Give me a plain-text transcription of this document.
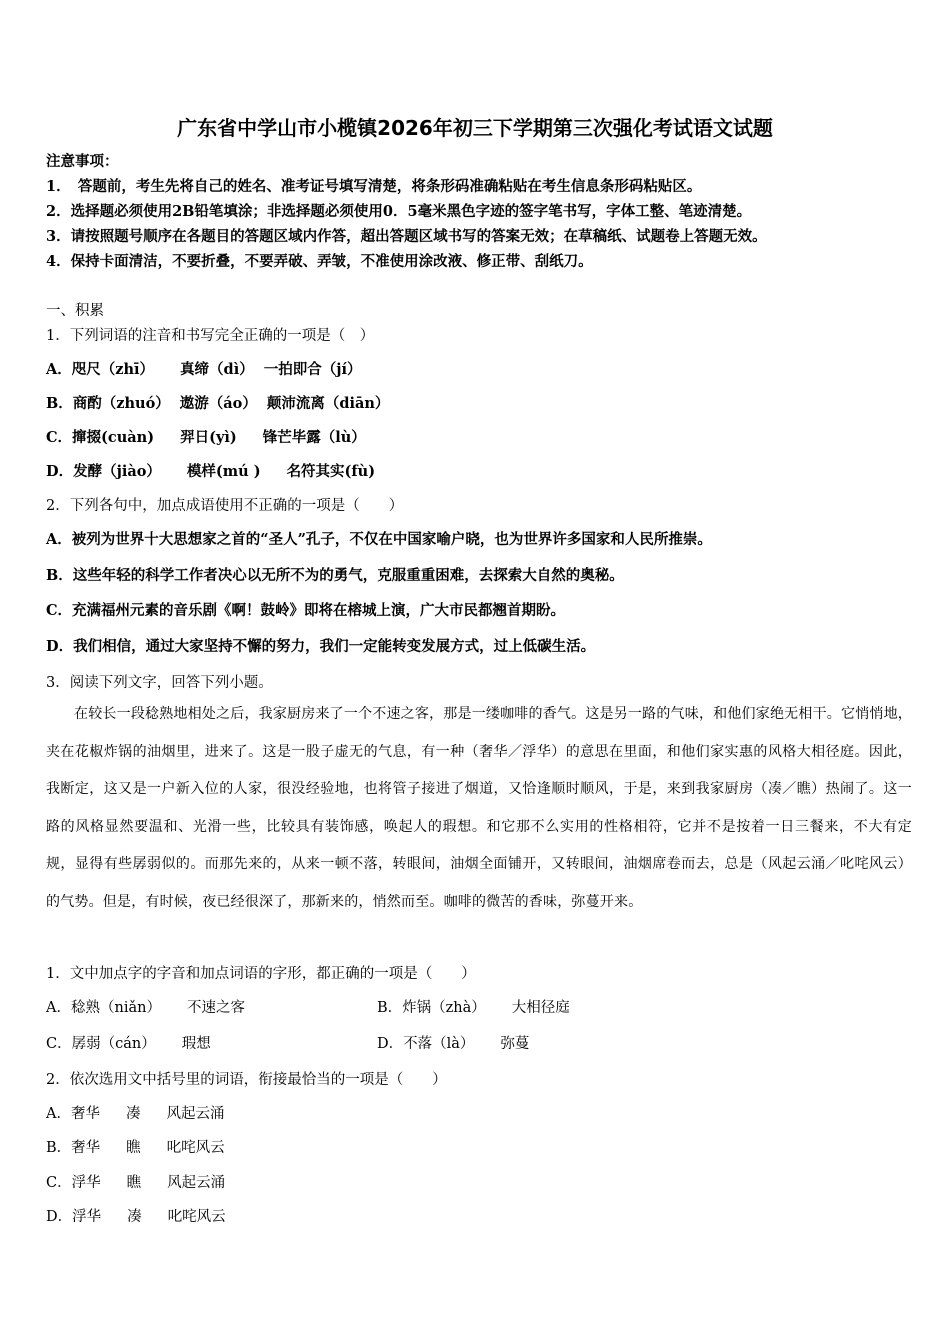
广东省中学山市小榄镇2026年初三下学期第三次强化考试语文试题
注意事项：
1．　答题前，考生先将自己的姓名、准考证号填写清楚，将条形码准确粘贴在考生信息条形码粘贴区。
2．选择题必须使用2B铅笔填涂；非选择题必须使用0．5毫米黑色字迹的签字笔书写，字体工整、笔迹清楚。
3．请按照题号顺序在各题目的答题区域内作答，超出答题区域书写的答案无效；在草稿纸、试题卷上答题无效。
4．保持卡面清洁，不要折叠，不要弄破、弄皱，不准使用涂改液、修正带、刮纸刀。
一、积累
1．下列词语的注音和书写完全正确的一项是（　）
A．咫尺（zhī） 真缔（dì） 一拍即合（jí）
B．商酌（zhuó） 遨游（áo） 颠沛流离（diān）
C．撺掇(cuàn) 羿日(yì) 锋芒毕露（lù）
D．发酵（jiào） 模样(mú ) 名符其实(fù)
2．下列各句中，加点成语使用不正确的一项是（　　）
A．被列为世界十大思想家之首的“圣人”孔子，不仅在中国家喻户晓，也为世界许多国家和人民所推崇。
B．这些年轻的科学工作者决心以无所不为的勇气，克服重重困难，去探索大自然的奥秘。
C．充满福州元素的音乐剧《啊！鼓岭》即将在榕城上演，广大市民都翘首期盼。
D．我们相信，通过大家坚持不懈的努力，我们一定能转变发展方式，过上低碳生活。
3．阅读下列文字，回答下列小题。
在较长一段稔熟地相处之后，我家厨房来了一个不速之客，那是一缕咖啡的香气。这是另一路的气味，和他们家绝无相干。它悄悄地，夹在花椒炸锅的油烟里，进来了。这是一股子虚无的气息，有一种（奢华／浮华）的意思在里面，和他们家实惠的风格大相径庭。因此，我断定，这又是一户新入位的人家，很没经验地，也将管子接进了烟道，又恰逢顺时顺风，于是，来到我家厨房（凑／瞧）热闹了。这一路的风格显然要温和、光滑一些，比较具有装饰感，唤起人的瑕想。和它那不么实用的性格相符，它并不是按着一日三餐来，不大有定规，显得有些孱弱似的。而那先来的，从来一顿不落，转眼间，油烟全面铺开，又转眼间，油烟席卷而去，总是（风起云涌／叱咤风云）的气势。但是，有时候，夜已经很深了，那新来的，悄然而至。咖啡的微苦的香味，弥蔓开来。
1．文中加点字的字音和加点词语的字形，都正确的一项是（　　）
A．稔熟（niǎn） 不速之客	B．炸锅（zhà） 大相径庭
C．孱弱（cán） 瑕想	D．不落（là） 弥蔓
2．依次选用文中括号里的词语，衔接最恰当的一项是（　　）
A．奢华 凑 风起云涌
B．奢华 瞧 叱咤风云
C．浮华 瞧 风起云涌
D．浮华 凑 叱咤风云
